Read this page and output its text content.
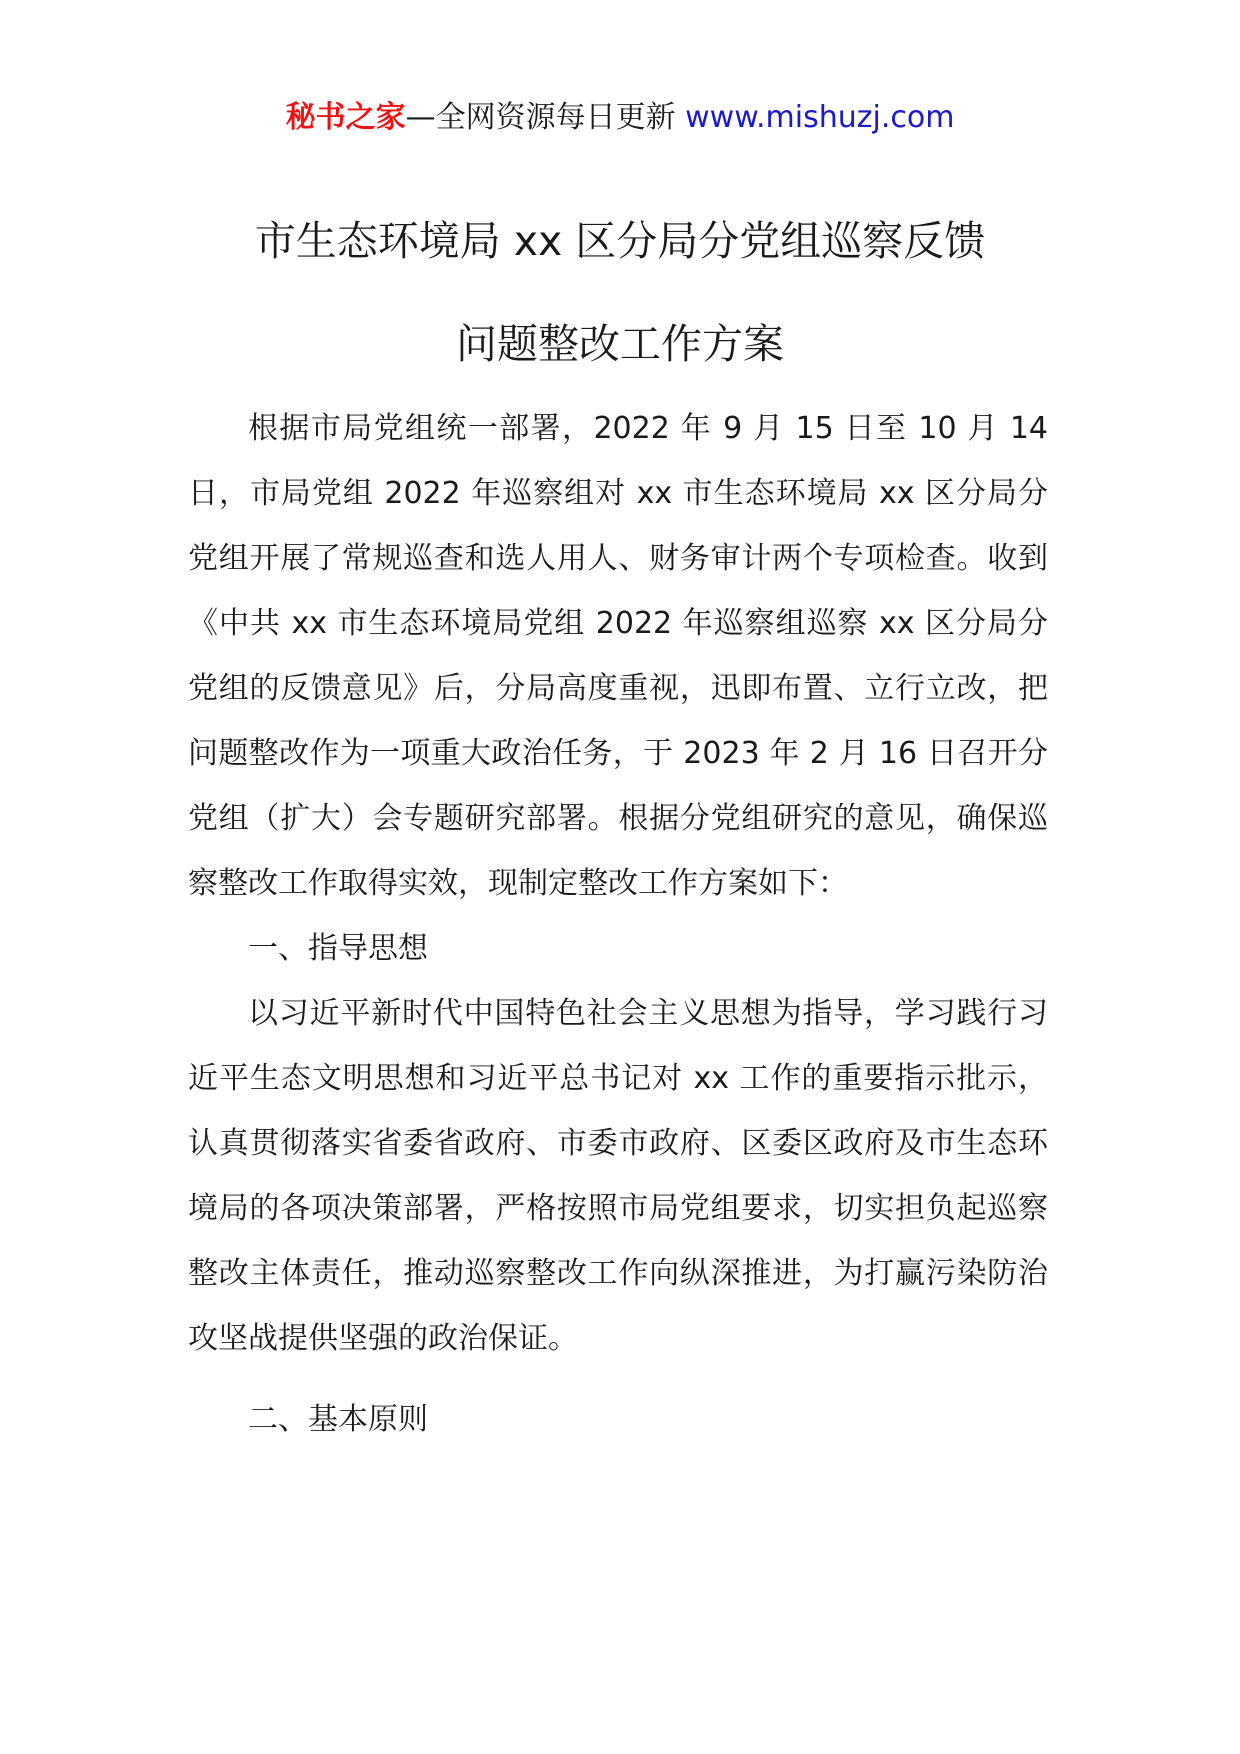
秘书之家—全网资源每日更新 www.mishuzj.com
市生态环境局 xx 区分局分党组巡察反馈
问题整改工作方案

根据市局党组统一部署，2022 年 9 月 15 日至 10 月 14 日，市局党组 2022 年巡察组对 xx 市生态环境局 xx 区分局分党组开展了常规巡查和选人用人、财务审计两个专项检查。收到《中共 xx 市生态环境局党组 2022 年巡察组巡察 xx 区分局分党组的反馈意见》后，分局高度重视，迅即布置、立行立改，把问题整改作为一项重大政治任务，于 2023 年 2 月 16 日召开分党组（扩大）会专题研究部署。根据分党组研究的意见，确保巡察整改工作取得实效，现制定整改工作方案如下：

一、指导思想

以习近平新时代中国特色社会主义思想为指导，学习践行习近平生态文明思想和习近平总书记对 xx 工作的重要指示批示，认真贯彻落实省委省政府、市委市政府、区委区政府及市生态环境局的各项决策部署，严格按照市局党组要求，切实担负起巡察整改主体责任，推动巡察整改工作向纵深推进，为打赢污染防治攻坚战提供坚强的政治保证。

二、基本原则
